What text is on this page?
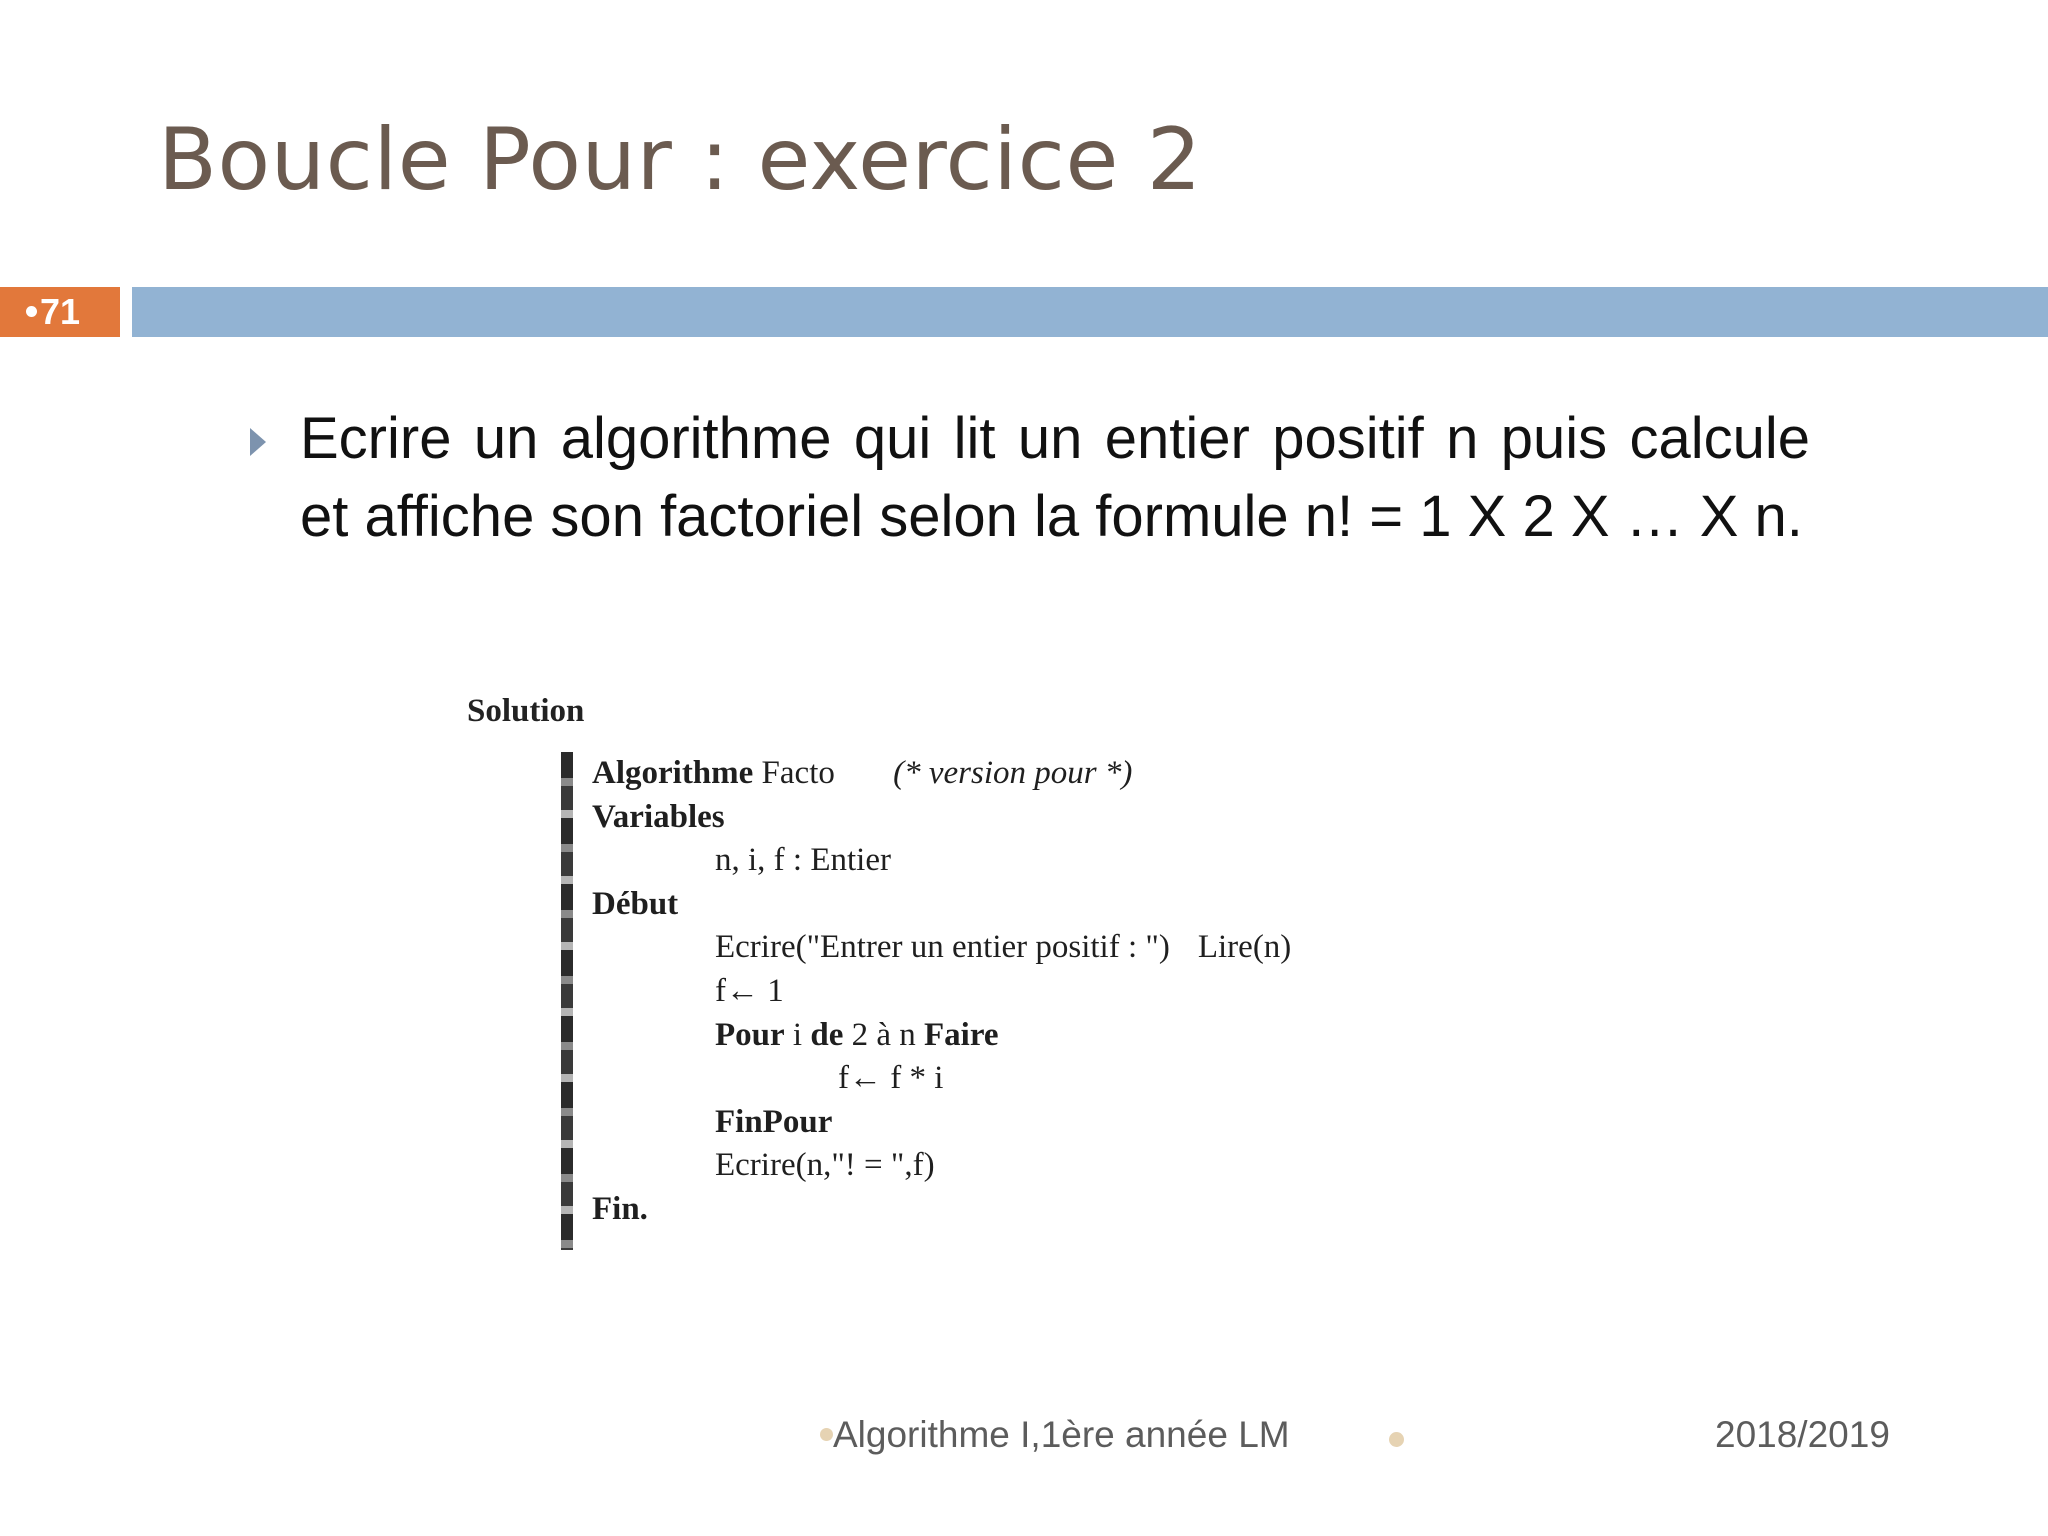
Boucle Pour : exercice 2
71
Ecrire un algorithme qui lit un entier positif n puis calcule et affiche son factoriel selon la formule n! = 1 X 2 X … X n.
Solution
Algorithme Facto (* version pour *)
Variables
n, i, f : Entier
Début
Ecrire("Entrer un entier positif : ") Lire(n)
f← 1
Pour i de 2 à n Faire
f← f * i
FinPour
Ecrire(n,"! = ",f)
Fin.
Algorithme I,1ère année LM	2018/2019
